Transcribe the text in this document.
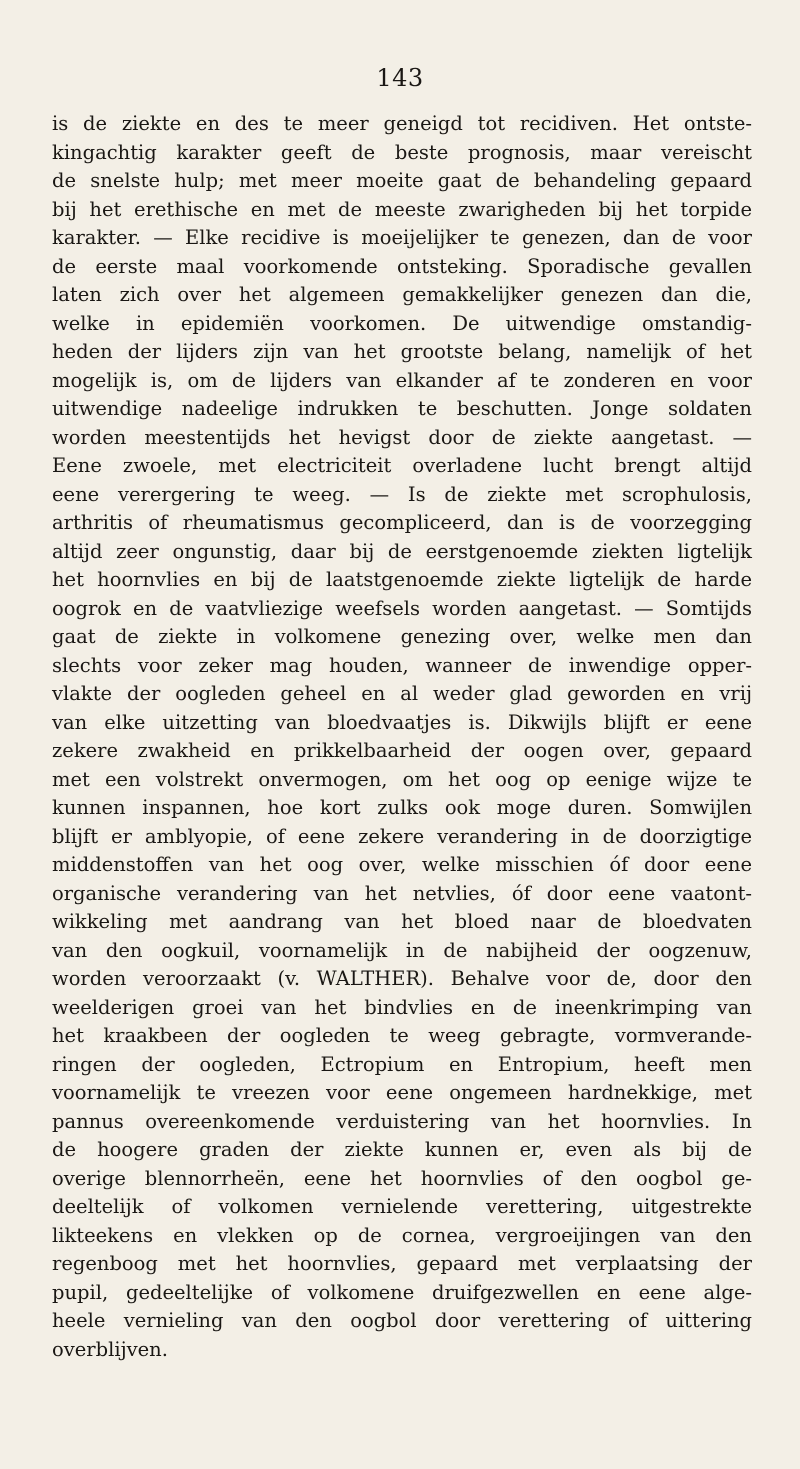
143
is de ziekte en des te meer geneigd tot recidiven. Het ontste-
kingachtig karakter geeft de beste prognosis, maar vereischt
de snelste hulp; met meer moeite gaat de behandeling gepaard
bij het erethische en met de meeste zwarigheden bij het torpide
karakter. — Elke recidive is moeijelijker te genezen, dan de voor
de eerste maal voorkomende ontsteking. Sporadische gevallen
laten zich over het algemeen gemakkelijker genezen dan die,
welke in epidemiën voorkomen. De uitwendige omstandig-
heden der lijders zijn van het grootste belang, namelijk of het
mogelijk is, om de lijders van elkander af te zonderen en voor
uitwendige nadeelige indrukken te beschutten. Jonge soldaten
worden meestentijds het hevigst door de ziekte aangetast. —
Eene zwoele, met electriciteit overladene lucht brengt altijd
eene verergering te weeg. — Is de ziekte met scrophulosis,
arthritis of rheumatismus gecompliceerd, dan is de voorzegging
altijd zeer ongunstig, daar bij de eerstgenoemde ziekten ligtelijk
het hoornvlies en bij de laatstgenoemde ziekte ligtelijk de harde
oogrok en de vaatvliezige weefsels worden aangetast. — Somtijds
gaat de ziekte in volkomene genezing over, welke men dan
slechts voor zeker mag houden, wanneer de inwendige opper-
vlakte der oogleden geheel en al weder glad geworden en vrij
van elke uitzetting van bloedvaatjes is. Dikwijls blijft er eene
zekere zwakheid en prikkelbaarheid der oogen over, gepaard
met een volstrekt onvermogen, om het oog op eenige wijze te
kunnen inspannen, hoe kort zulks ook moge duren. Somwijlen
blijft er amblyopie, of eene zekere verandering in de doorzigtige
middenstoffen van het oog over, welke misschien óf door eene
organische verandering van het netvlies, óf door eene vaatont-
wikkeling met aandrang van het bloed naar de bloedvaten
van den oogkuil, voornamelijk in de nabijheid der oogzenuw,
worden veroorzaakt (v. WALTHER). Behalve voor de, door den
weelderigen groei van het bindvlies en de ineenkrimping van
het kraakbeen der oogleden te weeg gebragte, vormverande-
ringen der oogleden, Ectropium en Entropium, heeft men
voornamelijk te vreezen voor eene ongemeen hardnekkige, met
pannus overeenkomende verduistering van het hoornvlies. In
de hoogere graden der ziekte kunnen er, even als bij de
overige blennorrheën, eene het hoornvlies of den oogbol ge-
deeltelijk of volkomen vernielende verettering, uitgestrekte
likteekens en vlekken op de cornea, vergroeijingen van den
regenboog met het hoornvlies, gepaard met verplaatsing der
pupil, gedeeltelijke of volkomene druifgezwellen en eene alge-
heele vernieling van den oogbol door verettering of uittering
overblijven.
